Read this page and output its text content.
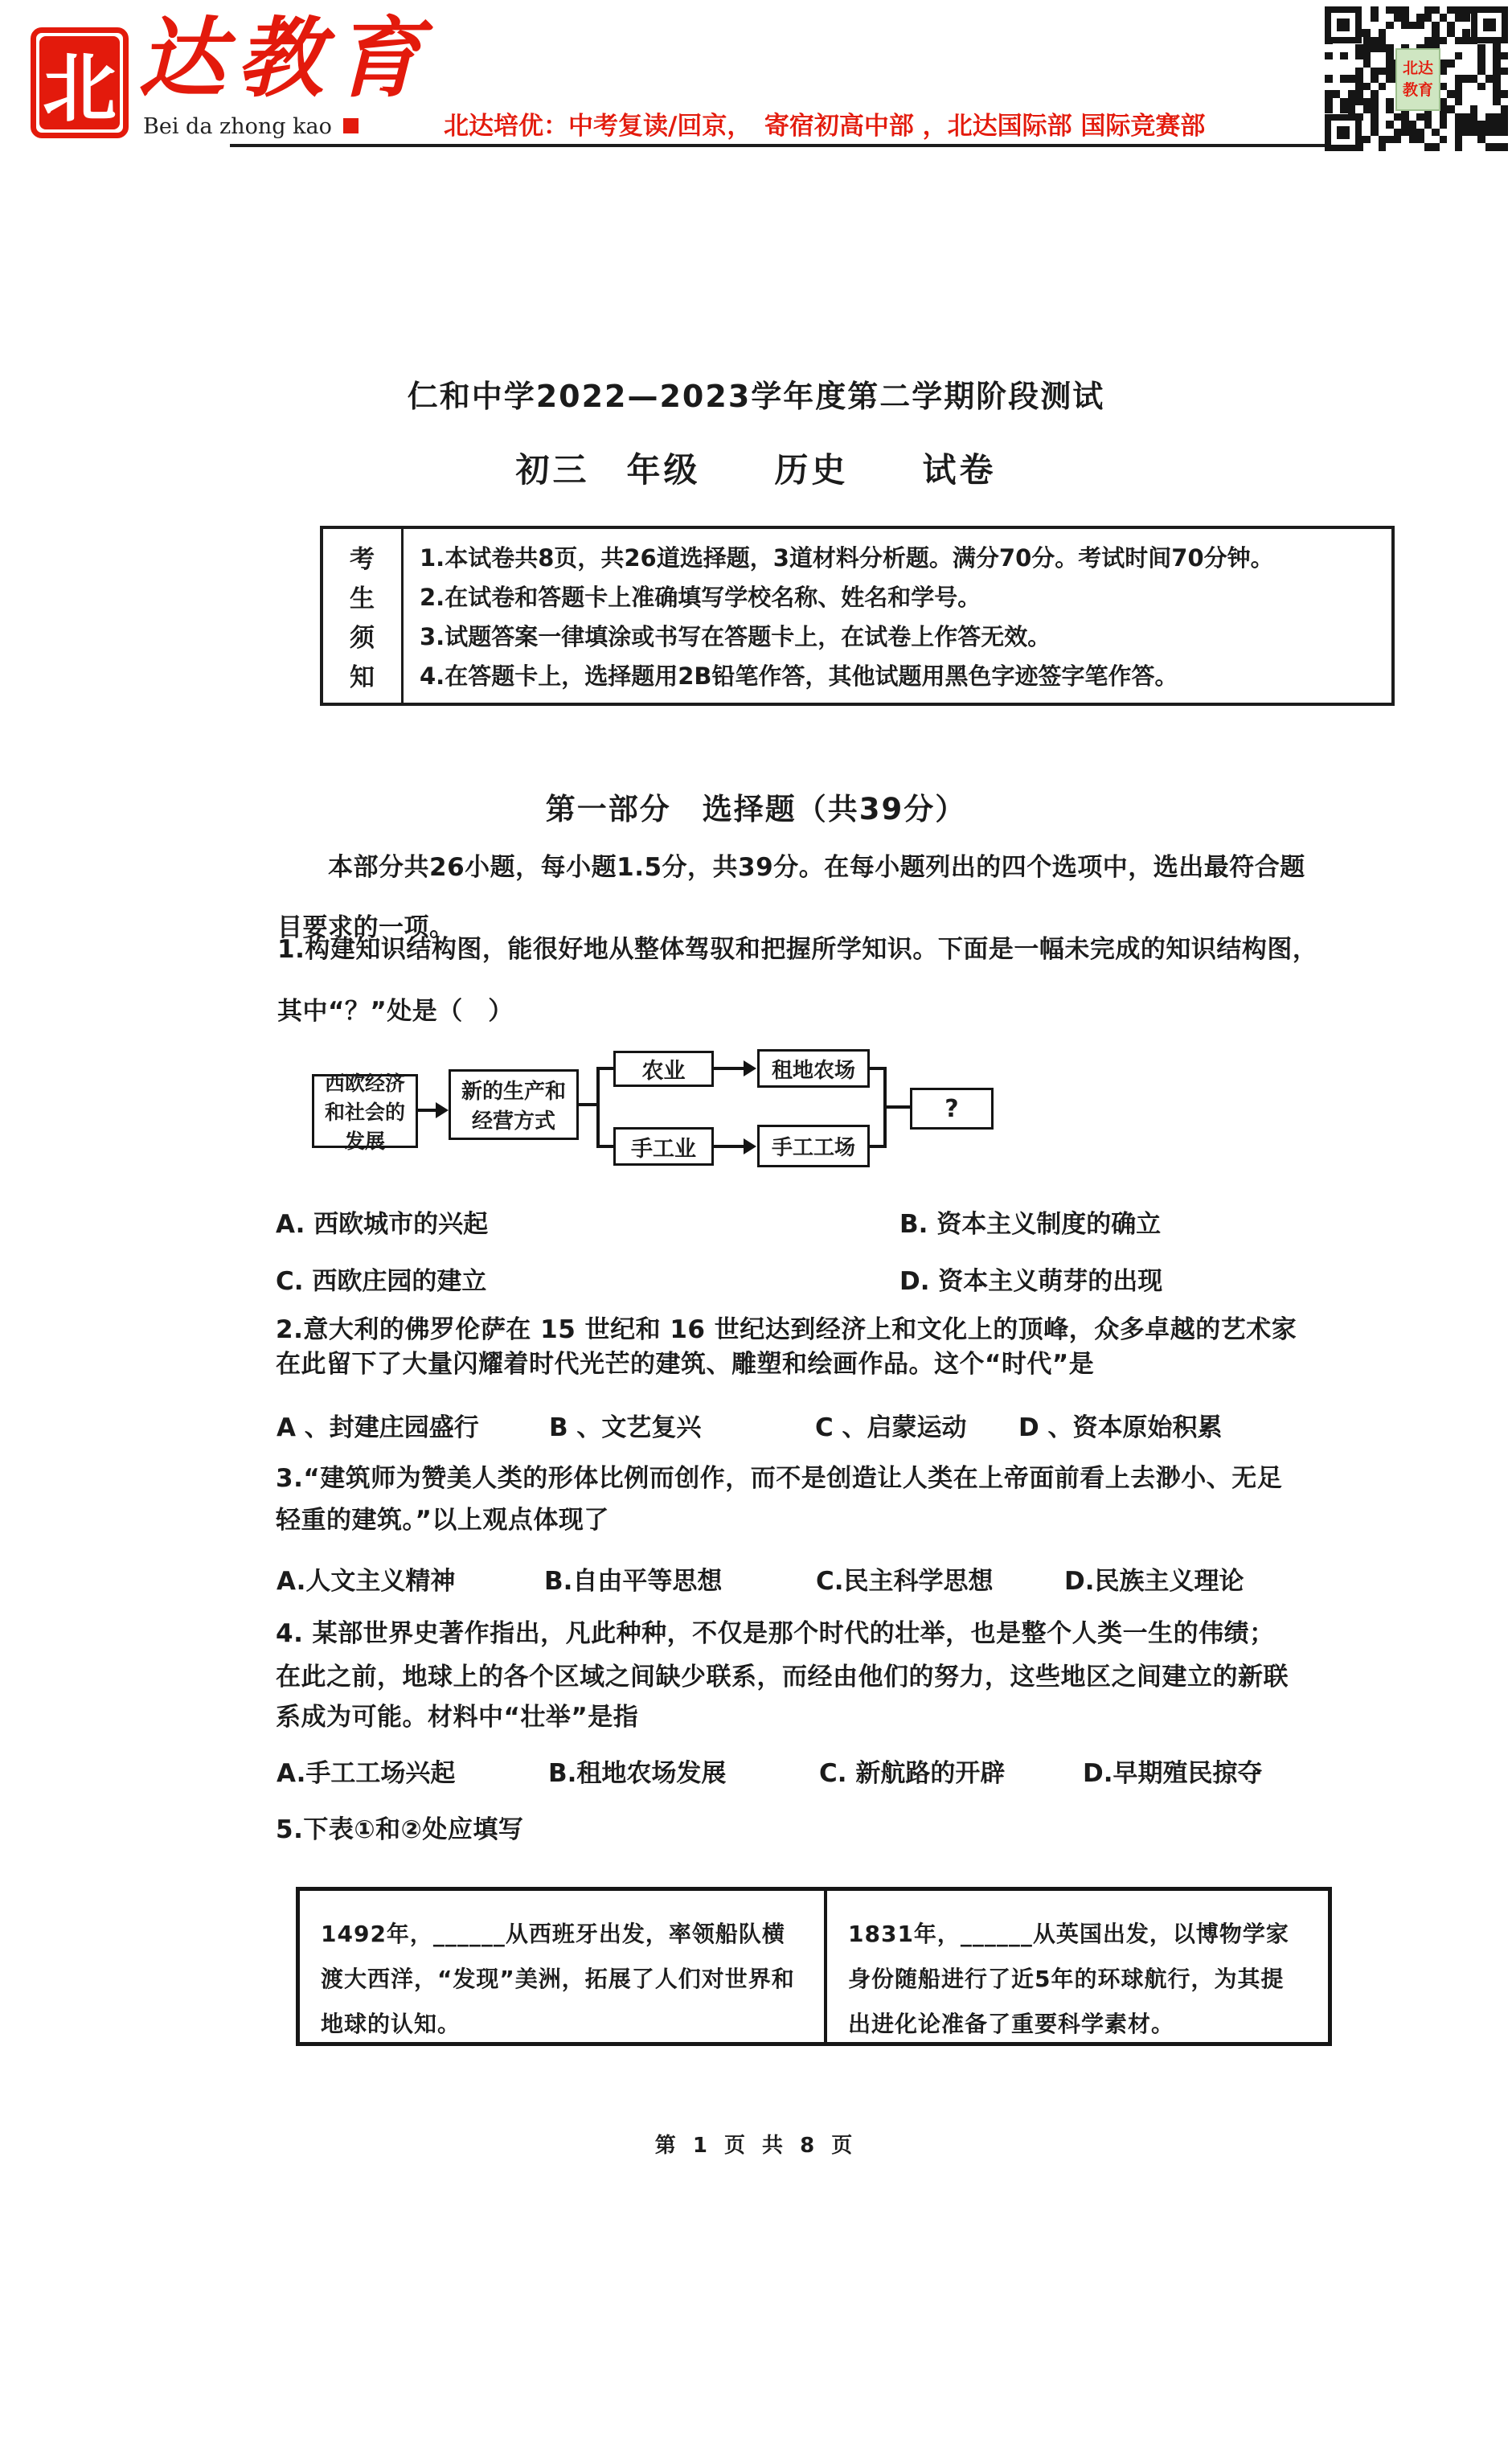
北 达教育
Bei da zhong kao	北达培优：中考复读/回京，　寄宿初高中部 ，北达国际部 国际竞赛部
北达
教育
仁和中学2022—2023学年度第二学期阶段测试
初三　年级　　历史　　试卷
考
生
须
知
1.本试卷共8页，共26道选择题，3道材料分析题。满分70分。考试时间70分钟。
2.在试卷和答题卡上准确填写学校名称、姓名和学号。
3.试题答案一律填涂或书写在答题卡上，在试卷上作答无效。
4.在答题卡上，选择题用2B铅笔作答，其他试题用黑色字迹签字笔作答。
第一部分　选择题（共39分）
本部分共26小题，每小题1.5分，共39分。在每小题列出的四个选项中，选出最符合题
目要求的一项。
1.构建知识结构图，能很好地从整体驾驭和把握所学知识。下面是一幅未完成的知识结构图，
其中“？”处是（　）
西欧经济和社会的发展
新的生产和经营方式
农业	租地农场
手工业	手工工场
?
A. 西欧城市的兴起	B. 资本主义制度的确立
C. 西欧庄园的建立	D. 资本主义萌芽的出现
2.意大利的佛罗伦萨在 15 世纪和 16 世纪达到经济上和文化上的顶峰，众多卓越的艺术家
在此留下了大量闪耀着时代光芒的建筑、雕塑和绘画作品。这个“时代”是
A 、封建庄园盛行	B 、文艺复兴	C 、启蒙运动 D 、资本原始积累
3.“建筑师为赞美人类的形体比例而创作，而不是创造让人类在上帝面前看上去渺小、无足
轻重的建筑。”以上观点体现了
A.人文主义精神	B.自由平等思想	C.民主科学思想	D.民族主义理论
4. 某部世界史著作指出，凡此种种，不仅是那个时代的壮举，也是整个人类一生的伟绩；
在此之前，地球上的各个区域之间缺少联系，而经由他们的努力，这些地区之间建立的新联
系成为可能。材料中“壮举”是指
A.手工工场兴起	B.租地农场发展	C. 新航路的开辟	D.早期殖民掠夺
5.下表①和②处应填写
1492年，______从西班牙出发，率领船队横渡大西洋，“发现”美洲，拓展了人们对世界和地球的认知。
1831年，______从英国出发，以博物学家身份随船进行了近5年的环球航行，为其提出进化论准备了重要科学素材。
第 1 页 共 8 页
